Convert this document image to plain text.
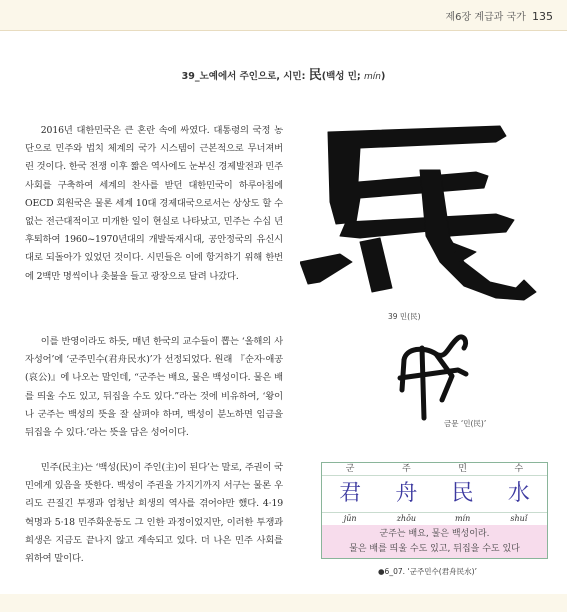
제6장 계급과 국가 135
39_노예에서 주인으로, 시민: 民(백성 민; mín)
2016년 대한민국은 큰 혼란 속에 싸였다. 대통령의 국정 농단으로 민주와 법치 체계의 국가 시스템이 근본적으로 무너져버린 것이다. 한국 전쟁 이후 짧은 역사에도 눈부신 경제발전과 민주사회를 구축하여 세계의 찬사를 받던 대한민국이 하루아침에 OECD 회원국은 물론 세계 10대 경제대국으로서는 상상도 할 수 없는 전근대적이고 미개한 일이 현실로 나타났고, 민주는 수십 년 후퇴하여 1960~1970년대의 개발독재시대, 공안정국의 유신시대로 되돌아가 있었던 것이다. 시민들은 이에 항거하기 위해 한번에 2백만 명씩이나 촛불을 들고 광장으로 달려 나갔다.
이를 반영이라도 하듯, 매년 한국의 교수들이 뽑는 ‘올해의 사자성어’에 ‘군주민수(君舟民水)’가 선정되었다. 원래 『순자·애공(哀公)』에 나오는 말인데, “군주는 배요, 물은 백성이다. 물은 배를 띄울 수도 있고, 뒤집을 수도 있다.”라는 것에 비유하여, ‘왕이나 군주는 백성의 뜻을 잘 살펴야 하며, 백성이 분노하면 임금을 뒤집을 수 있다.’라는 뜻을 담은 성어이다.
민주(民主)는 ‘백성(民)이 주인(主)이 된다’는 말로, 주권이 국민에게 있음을 뜻한다. 백성이 주권을 가지기까지 서구는 물론 우리도 끈질긴 투쟁과 엄청난 희생의 역사를 겪어야만 했다. 4·19 혁명과 5·18 민주화운동도 그 인한 과정이었지만, 이러한 투쟁과 희생은 지금도 끝나지 않고 계속되고 있다. 더 나은 민주 사회를 위하여 말이다.
39 민(民)
금문 ‘민(民)’
군	주	민	수
君	舟	民	水
jūn	zhōu	mín	shuǐ
군주는 배요, 물은 백성이라.
물은 배를 띄울 수도 있고, 뒤집을 수도 있다
●6_07. ‘군주민수(君舟民水)’
